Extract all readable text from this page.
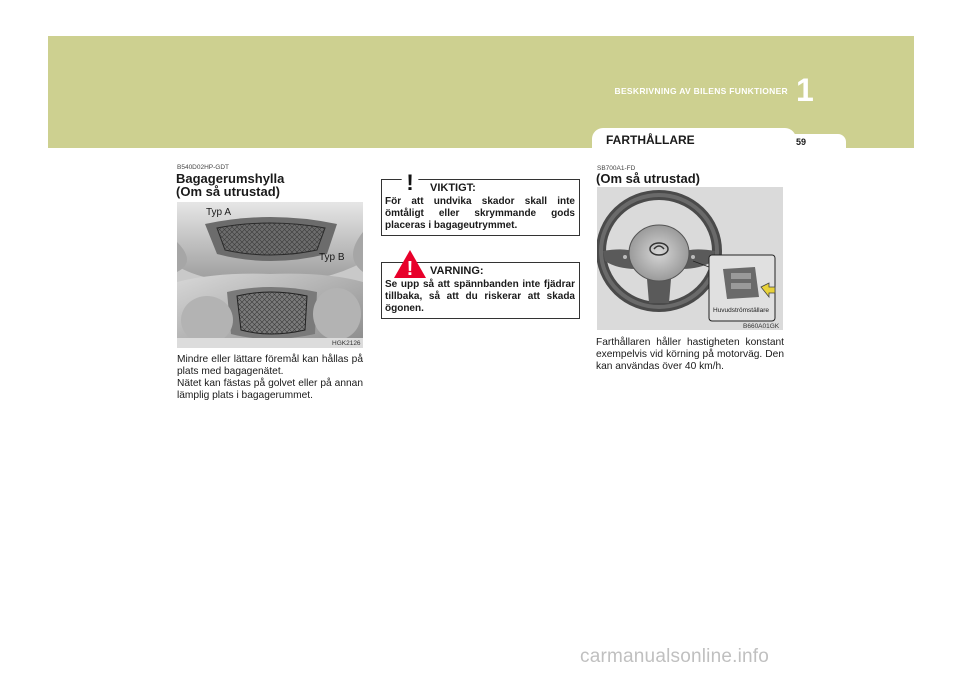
BESKRIVNING AV BILENS FUNKTIONER 1
FARTHÅLLARE	59
B540D02HP-GDT
Bagagerumshylla
(Om så utrustad)
Typ A
Typ B
HGK2126
Mindre eller lättare föremål kan hållas på plats med bagagenätet.
Nätet kan fästas på golvet eller på annan lämplig plats i bagagerummet.
! VIKTIGT:
För att undvika skador skall inte ömtåligt eller skrymmande gods placeras i bagageutrymmet.
! VARNING:
Se upp så att spännbanden inte fjädrar tillbaka, så att du riskerar att skada ögonen.
SB700A1-FD
(Om så utrustad)
Huvudströmställare
B660A01GK
Farthållaren håller hastigheten konstant exempelvis vid körning på motorväg. Den kan användas över 40 km/h.
carmanualsonline.info
